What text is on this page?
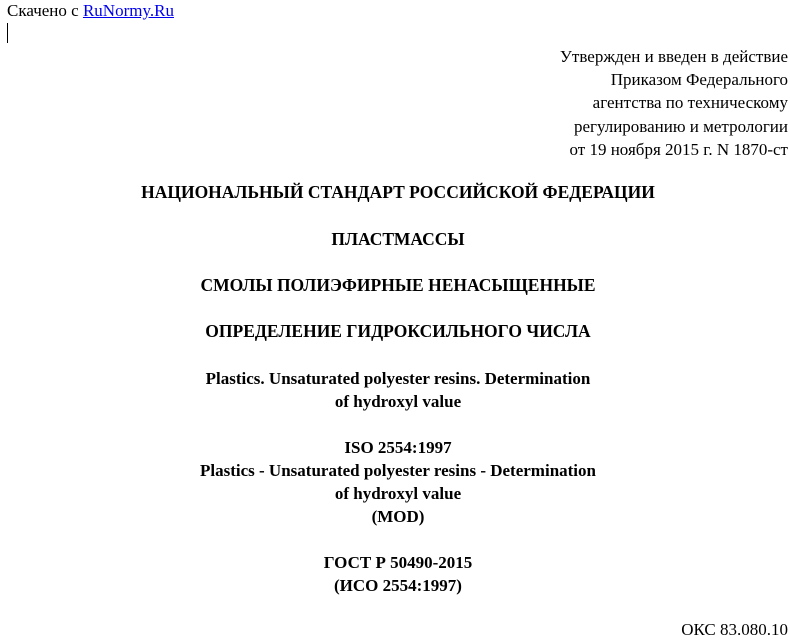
Скачено с RuNormy.Ru
Утвержден и введен в действие
Приказом Федерального
агентства по техническому
регулированию и метрологии
от 19 ноября 2015 г. N 1870-ст
НАЦИОНАЛЬНЫЙ СТАНДАРТ РОССИЙСКОЙ ФЕДЕРАЦИИ
ПЛАСТМАССЫ
СМОЛЫ ПОЛИЭФИРНЫЕ НЕНАСЫЩЕННЫЕ
ОПРЕДЕЛЕНИЕ ГИДРОКСИЛЬНОГО ЧИСЛА
Plastics. Unsaturated polyester resins. Determination
of hydroxyl value
ISO 2554:1997
Plastics - Unsaturated polyester resins - Determination
of hydroxyl value
(MOD)
ГОСТ Р 50490-2015
(ИСО 2554:1997)
ОКС 83.080.10
